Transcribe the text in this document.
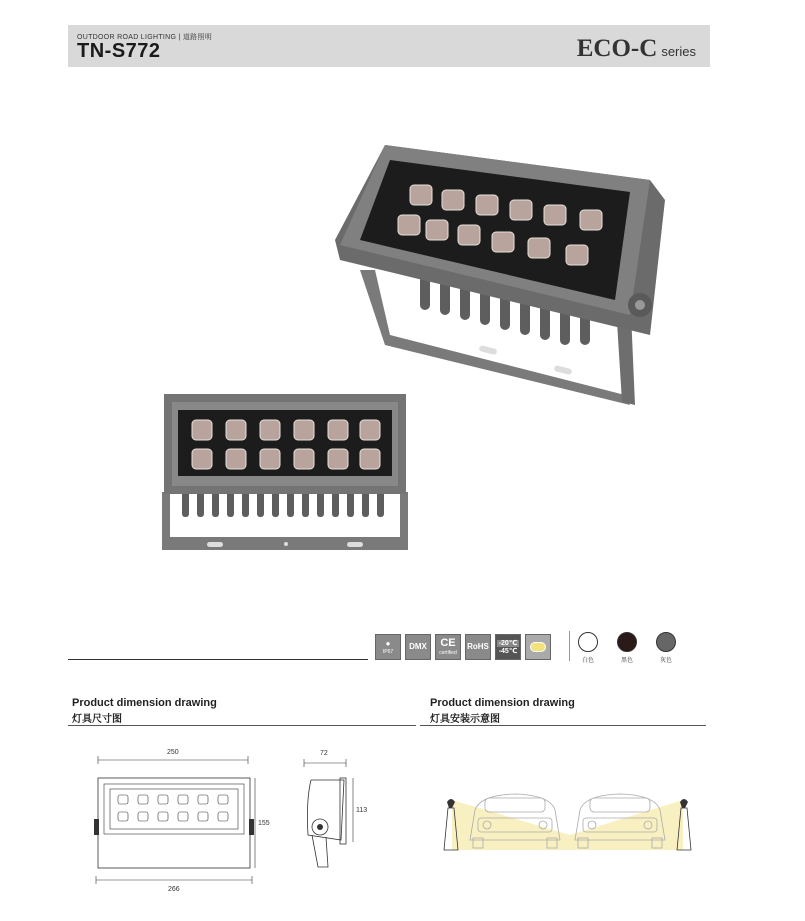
OUTDOOR ROAD LIGHTING | 道路照明
TN-S772	ECO-C series
●
IP67
DMX CE
certified
RoHS -20℃
-45℃
白色	黑色	灰色
Product dimension drawing
灯具尺寸图
Product dimension drawing
灯具安装示意图
250
155
266
72
113
